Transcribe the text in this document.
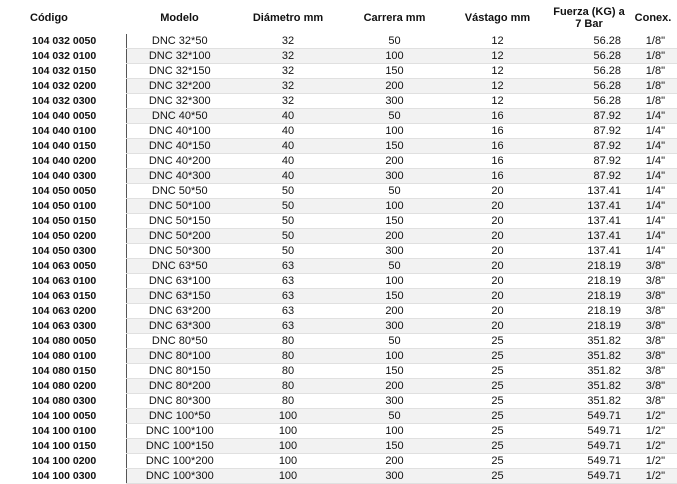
Código	Modelo	Diámetro mm	Carrera mm	Vástago mm	Fuerza (KG) a 7 Bar	Conex.
104 032 0050	DNC 32*50	32	50	12	56.28	1/8"
104 032 0100	DNC 32*100	32	100	12	56.28	1/8"
104 032 0150	DNC 32*150	32	150	12	56.28	1/8"
104 032 0200	DNC 32*200	32	200	12	56.28	1/8"
104 032 0300	DNC 32*300	32	300	12	56.28	1/8"
104 040 0050	DNC 40*50	40	50	16	87.92	1/4"
104 040 0100	DNC 40*100	40	100	16	87.92	1/4"
104 040 0150	DNC 40*150	40	150	16	87.92	1/4"
104 040 0200	DNC 40*200	40	200	16	87.92	1/4"
104 040 0300	DNC 40*300	40	300	16	87.92	1/4"
104 050 0050	DNC 50*50	50	50	20	137.41	1/4"
104 050 0100	DNC 50*100	50	100	20	137.41	1/4"
104 050 0150	DNC 50*150	50	150	20	137.41	1/4"
104 050 0200	DNC 50*200	50	200	20	137.41	1/4"
104 050 0300	DNC 50*300	50	300	20	137.41	1/4"
104 063 0050	DNC 63*50	63	50	20	218.19	3/8"
104 063 0100	DNC 63*100	63	100	20	218.19	3/8"
104 063 0150	DNC 63*150	63	150	20	218.19	3/8"
104 063 0200	DNC 63*200	63	200	20	218.19	3/8"
104 063 0300	DNC 63*300	63	300	20	218.19	3/8"
104 080 0050	DNC 80*50	80	50	25	351.82	3/8"
104 080 0100	DNC 80*100	80	100	25	351.82	3/8"
104 080 0150	DNC 80*150	80	150	25	351.82	3/8"
104 080 0200	DNC 80*200	80	200	25	351.82	3/8"
104 080 0300	DNC 80*300	80	300	25	351.82	3/8"
104 100 0050	DNC 100*50	100	50	25	549.71	1/2"
104 100 0100	DNC 100*100	100	100	25	549.71	1/2"
104 100 0150	DNC 100*150	100	150	25	549.71	1/2"
104 100 0200	DNC 100*200	100	200	25	549.71	1/2"
104 100 0300	DNC 100*300	100	300	25	549.71	1/2"
